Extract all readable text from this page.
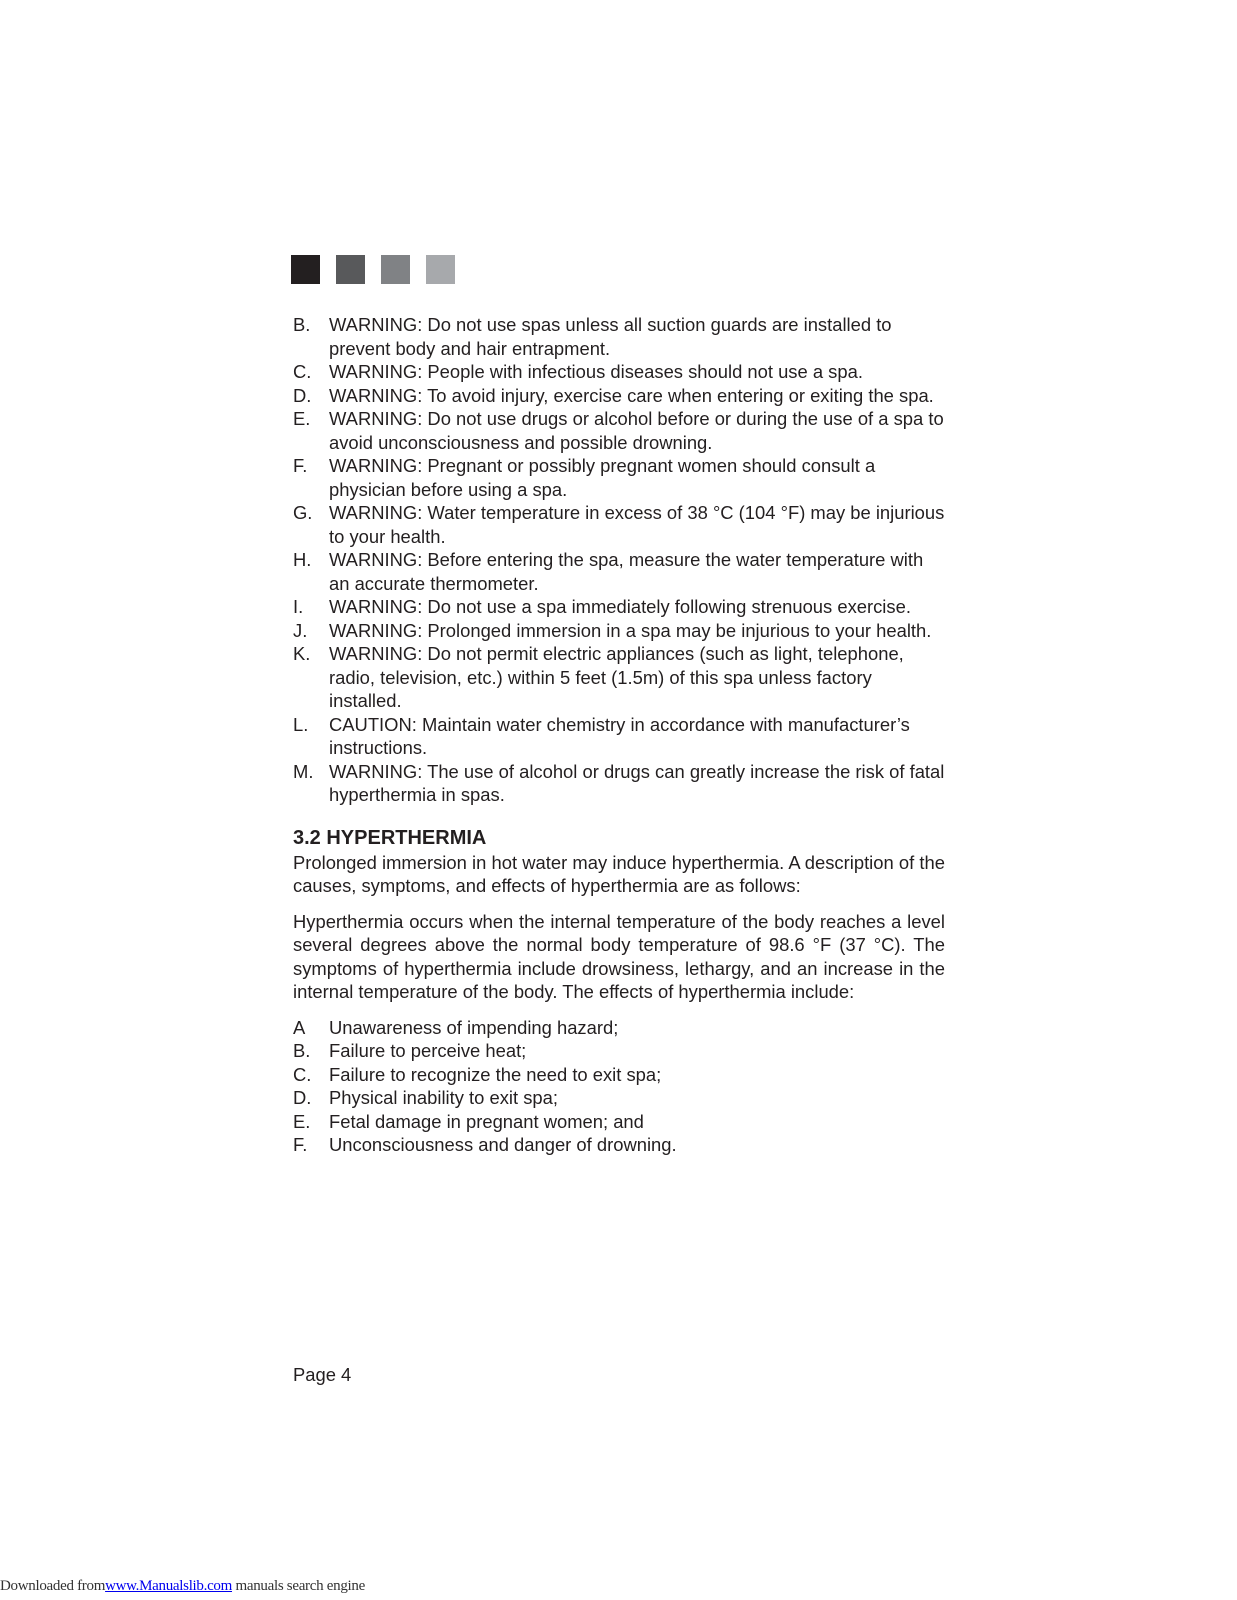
B.	WARNING: Do not use spas unless all suction guards are installed to prevent body and hair entrapment.
C. WARNING: People with infectious diseases should not use a spa.
D. WARNING: To avoid injury, exercise care when entering or exiting the spa.
E.	WARNING: Do not use drugs or alcohol before or during the use of a spa to avoid unconsciousness and possible drowning.
F.	WARNING: Pregnant or possibly pregnant women should consult a physician before using a spa.
G. WARNING: Water temperature in excess of 38 °C (104 °F) may be injurious to your health.
H. WARNING: Before entering the spa, measure the water temperature with an accurate thermometer.
I.	WARNING: Do not use a spa immediately following strenuous exercise.
J.	WARNING: Prolonged immersion in a spa may be injurious to your health.
K.	WARNING: Do not permit electric appliances (such as light, telephone, radio, television, etc.) within 5 feet (1.5m) of this spa unless factory installed.
L.	CAUTION: Maintain water chemistry in accordance with manufacturer’s instructions.
M. WARNING: The use of alcohol or drugs can greatly increase the risk of fatal hyperthermia in spas.
3.2 HYPERTHERMIA
Prolonged immersion in hot water may induce hyperthermia. A description of the causes, symptoms, and effects of hyperthermia are as follows:
Hyperthermia occurs when the internal temperature of the body reaches a level several degrees above the normal body temperature of 98.6 °F (37 °C). The symptoms of hyperthermia include drowsiness, lethargy, and an increase in the internal temperature of the body. The effects of hyperthermia include:
A	Unawareness of impending hazard;
B.	Failure to perceive heat;
C. Failure to recognize the need to exit spa;
D. Physical inability to exit spa;
E.	Fetal damage in pregnant women; and
F.	Unconsciousness and danger of drowning.
Page 4
Downloaded fromwww.Manualslib.com manuals search engine
